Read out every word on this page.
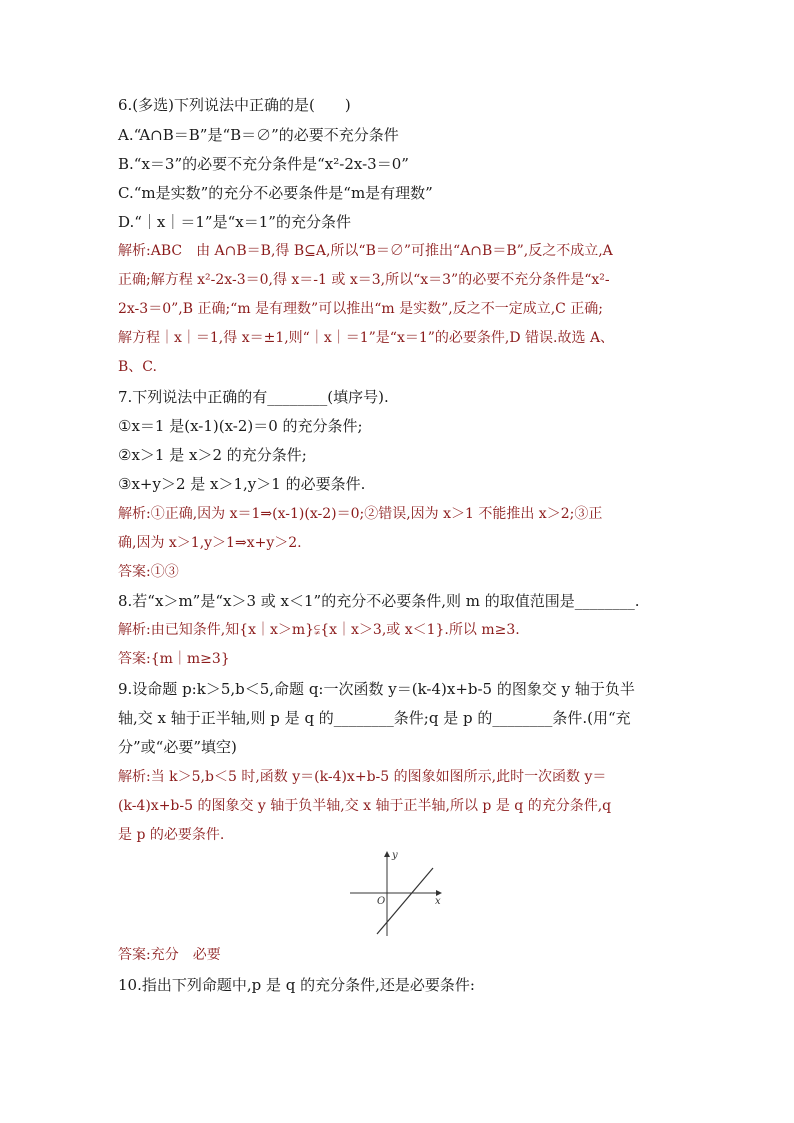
6.(多选)下列说法中正确的是(　　)
A.“A∩B＝B”是“B＝∅”的必要不充分条件
B.“x＝3”的必要不充分条件是“x²-2x-3＝0”
C.“m是实数”的充分不必要条件是“m是有理数”
D.“｜x｜＝1”是“x＝1”的充分条件
解析:ABC　由 A∩B＝B,得 B⊆A,所以“B＝∅”可推出“A∩B＝B”,反之不成立,A
正确;解方程 x²-2x-3＝0,得 x＝-1 或 x＝3,所以“x＝3”的必要不充分条件是“x²-
2x-3＝0”,B 正确;“m 是有理数”可以推出“m 是实数”,反之不一定成立,C 正确;
解方程｜x｜＝1,得 x＝±1,则“｜x｜＝1”是“x＝1”的必要条件,D 错误.故选 A、
B、C.
7.下列说法中正确的有________(填序号).
①x＝1 是(x-1)(x-2)＝0 的充分条件;
②x＞1 是 x＞2 的充分条件;
③x+y＞2 是 x＞1,y＞1 的必要条件.
解析:①正确,因为 x＝1⇒(x-1)(x-2)＝0;②错误,因为 x＞1 不能推出 x＞2;③正
确,因为 x＞1,y＞1⇒x+y＞2.
答案:①③
8.若“x＞m”是“x＞3 或 x＜1”的充分不必要条件,则 m 的取值范围是________.
解析:由已知条件,知{x｜x＞m}⫋{x｜x＞3,或 x＜1}.所以 m≥3.
答案:{m｜m≥3}
9.设命题 p:k＞5,b＜5,命题 q:一次函数 y＝(k-4)x+b-5 的图象交 y 轴于负半
轴,交 x 轴于正半轴,则 p 是 q 的________条件;q 是 p 的________条件.(用“充
分”或“必要”填空)
解析:当 k＞5,b＜5 时,函数 y＝(k-4)x+b-5 的图象如图所示,此时一次函数 y＝
(k-4)x+b-5 的图象交 y 轴于负半轴,交 x 轴于正半轴,所以 p 是 q 的充分条件,q
是 p 的必要条件.
y
x
O
答案:充分　必要
10.指出下列命题中,p 是 q 的充分条件,还是必要条件:
